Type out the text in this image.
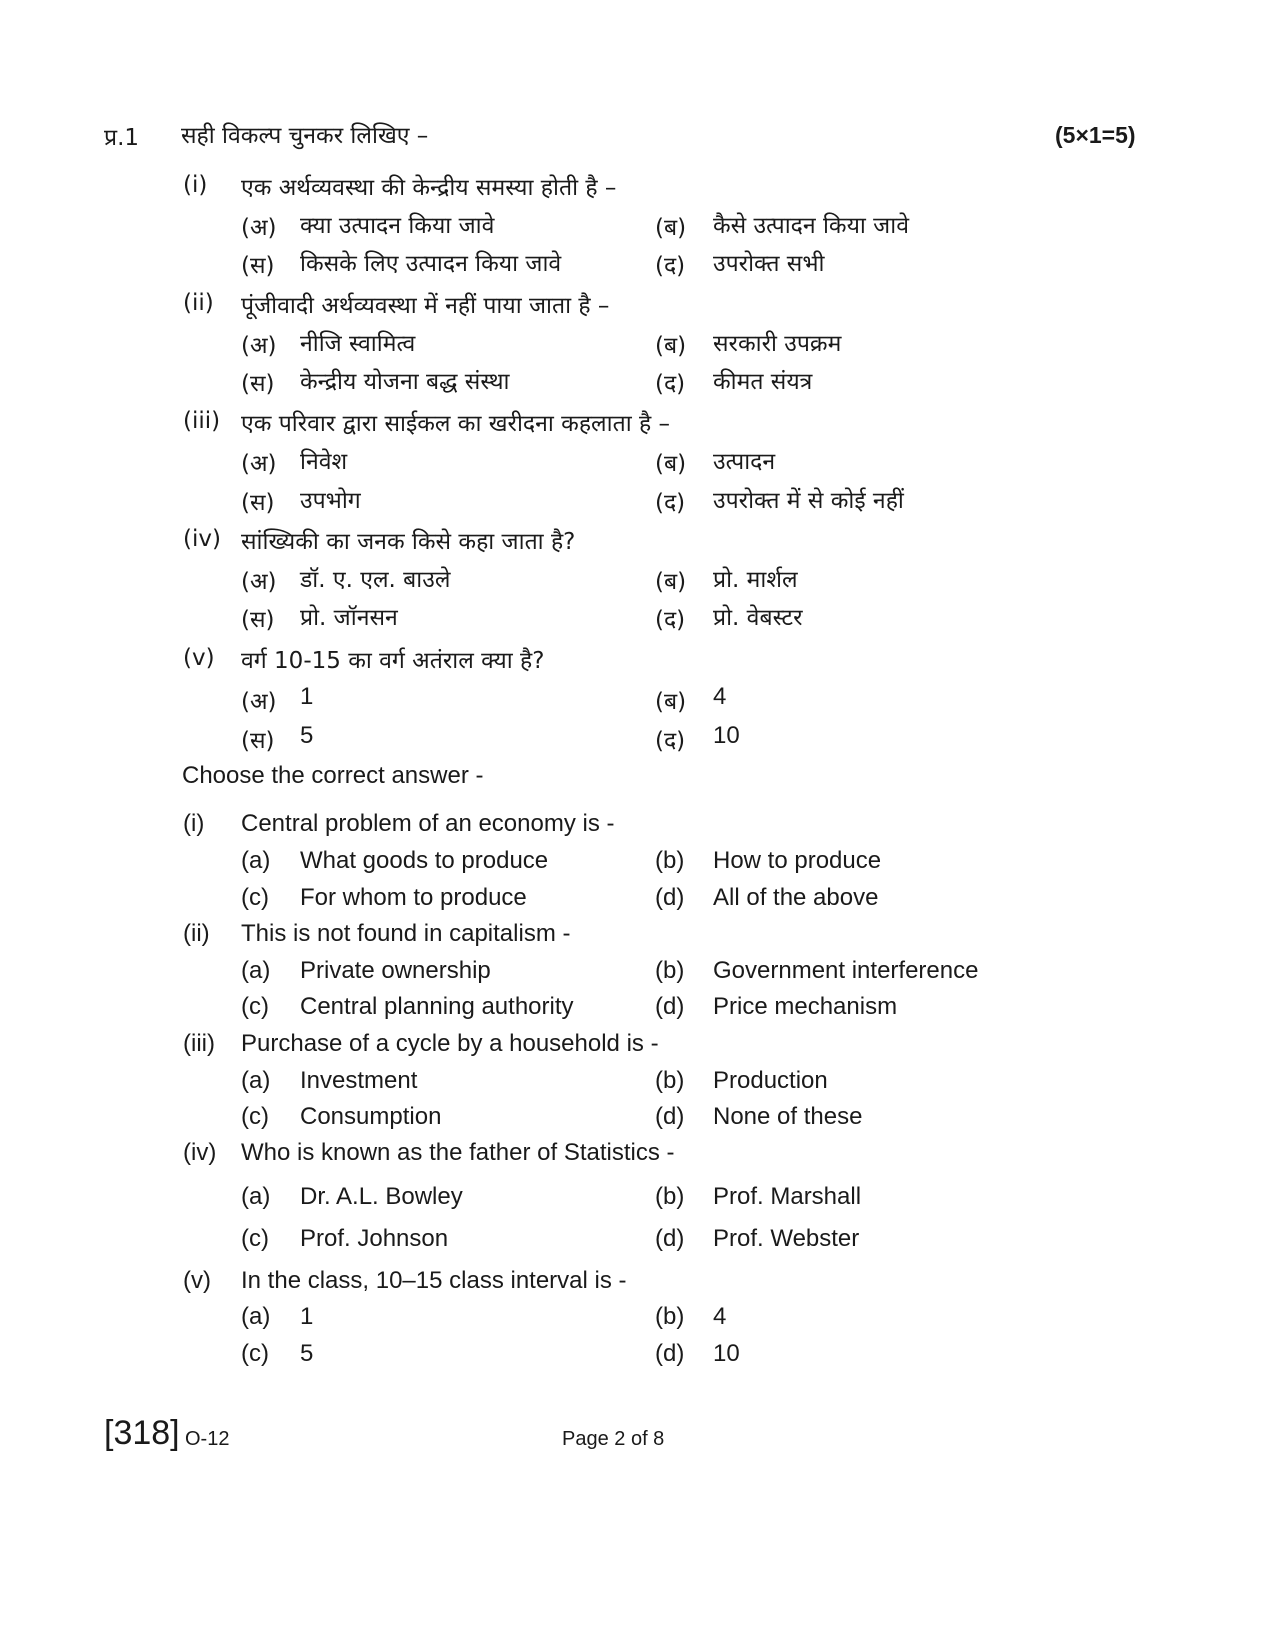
प्र.1 सही विकल्प चुनकर लिखिए –	(5×1=5)
(i) एक अर्थव्यवस्था की केन्द्रीय समस्या होती है –
(अ) क्या उत्पादन किया जावे	(ब) कैसे उत्पादन किया जावे
(स) किसके लिए उत्पादन किया जावे	(द) उपरोक्त सभी
(ii) पूंजीवादी अर्थव्यवस्था में नहीं पाया जाता है –
(अ) नीजि स्वामित्व	(ब) सरकारी उपक्रम
(स) केन्द्रीय योजना बद्ध संस्था	(द) कीमत संयत्र
(iii) एक परिवार द्वारा साईकल का खरीदना कहलाता है –
(अ) निवेश	(ब) उत्पादन
(स) उपभोग	(द) उपरोक्त में से कोई नहीं
(iv) सांख्यिकी का जनक किसे कहा जाता है?
(अ) डॉ. ए. एल. बाउले	(ब) प्रो. मार्शल
(स) प्रो. जॉनसन	(द) प्रो. वेबस्टर
(v) वर्ग 10-15 का वर्ग अतंराल क्या है?
(अ) 1	(ब) 4
(स) 5	(द) 10
Choose the correct answer -
(i) Central problem of an economy is -
(a) What goods to produce	(b) How to produce
(c) For whom to produce	(d) All of the above
(ii) This is not found in capitalism -
(a) Private ownership	(b) Government interference
(c) Central planning authority	(d) Price mechanism
(iii) Purchase of a cycle by a household is -
(a) Investment	(b) Production
(c) Consumption	(d) None of these
(iv) Who is known as the father of Statistics -
(a) Dr. A.L. Bowley	(b) Prof. Marshall
(c) Prof. Johnson	(d) Prof. Webster
(v) In the class, 10–15 class interval is -
(a) 1	(b) 4
(c) 5	(d) 10
[318] O-12	Page 2 of 8
